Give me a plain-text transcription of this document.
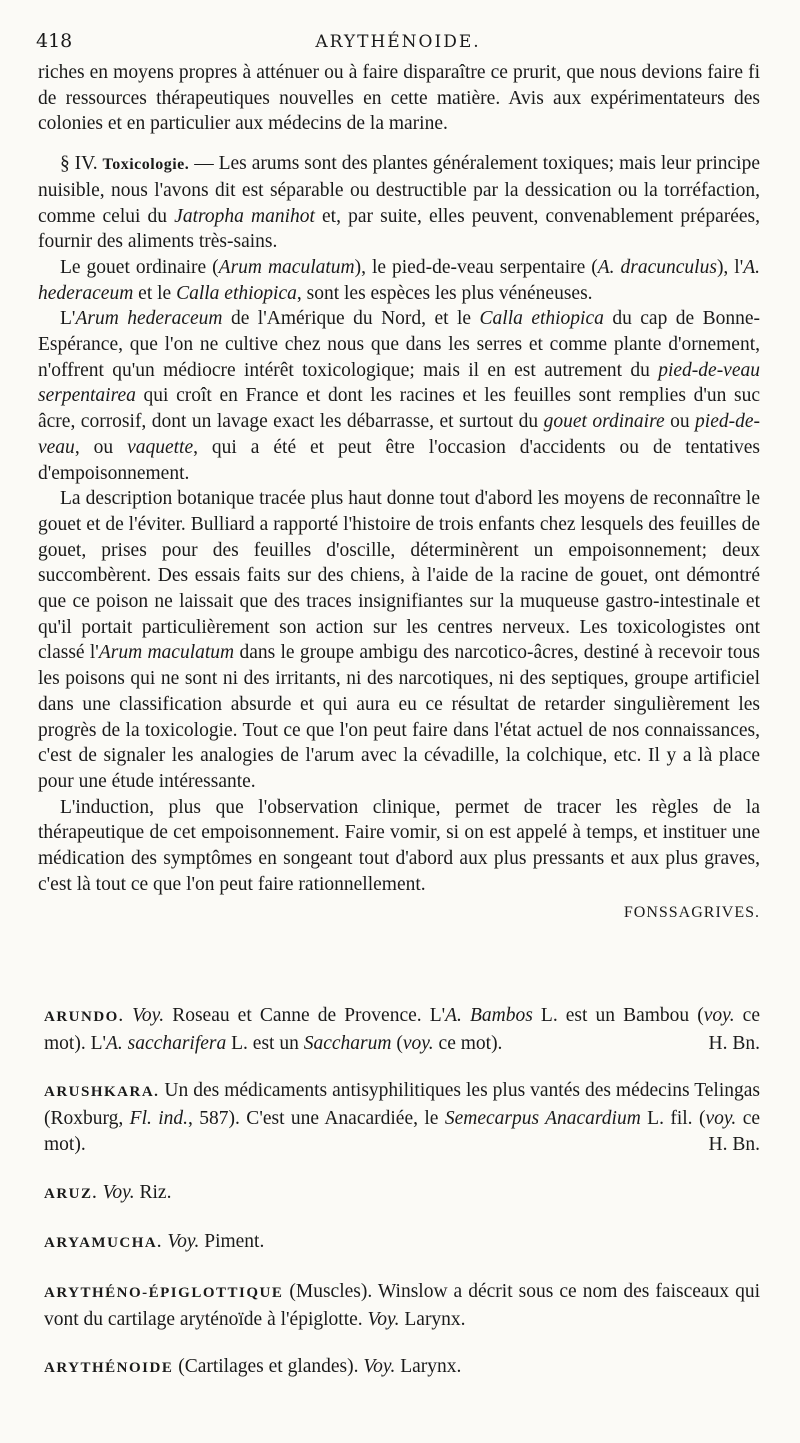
418	ARYTHÉNOIDE.

riches en moyens propres à atténuer ou à faire disparaître ce prurit, que nous devions faire fi de ressources thérapeutiques nouvelles en cette matière. Avis aux expérimentateurs des colonies et en particulier aux médecins de la marine.

§ IV. Toxicologie. — Les arums sont des plantes généralement toxiques; mais leur principe nuisible, nous l'avons dit est séparable ou destructible par la dessication ou la torréfaction, comme celui du Jatropha manihot et, par suite, elles peuvent, convenablement préparées, fournir des aliments très-sains.

Le gouet ordinaire (Arum maculatum), le pied-de-veau serpentaire (A. dracunculus), l'A. hederaceum et le Calla ethiopica, sont les espèces les plus vénéneuses.

L'Arum hederaceum de l'Amérique du Nord, et le Calla ethiopica du cap de Bonne-Espérance, que l'on ne cultive chez nous que dans les serres et comme plante d'ornement, n'offrent qu'un médiocre intérêt toxicologique; mais il en est autrement du pied-de-veau serpentairea qui croît en France et dont les racines et les feuilles sont remplies d'un suc âcre, corrosif, dont un lavage exact les débarrasse, et surtout du gouet ordinaire ou pied-de-veau, ou vaquette, qui a été et peut être l'occasion d'accidents ou de tentatives d'empoisonnement.

La description botanique tracée plus haut donne tout d'abord les moyens de reconnaître le gouet et de l'éviter. Bulliard a rapporté l'histoire de trois enfants chez lesquels des feuilles de gouet, prises pour des feuilles d'oscille, déterminèrent un empoisonnement; deux succombèrent. Des essais faits sur des chiens, à l'aide de la racine de gouet, ont démontré que ce poison ne laissait que des traces insignifiantes sur la muqueuse gastro-intestinale et qu'il portait particulièrement son action sur les centres nerveux. Les toxicologistes ont classé l'Arum maculatum dans le groupe ambigu des narcotico-âcres, destiné à recevoir tous les poisons qui ne sont ni des irritants, ni des narcotiques, ni des septiques, groupe artificiel dans une classification absurde et qui aura eu ce résultat de retarder singulièrement les progrès de la toxicologie. Tout ce que l'on peut faire dans l'état actuel de nos connaissances, c'est de signaler les analogies de l'arum avec la cévadille, la colchique, etc. Il y a là place pour une étude intéressante.

L'induction, plus que l'observation clinique, permet de tracer les règles de la thérapeutique de cet empoisonnement. Faire vomir, si on est appelé à temps, et instituer une médication des symptômes en songeant tout d'abord aux plus pressants et aux plus graves, c'est là tout ce que l'on peut faire rationnellement.

FONSSAGRIVES.

ARUNDO. Voy. Roseau et Canne de Provence. L'A. Bambos L. est un Bambou (voy. ce mot). L'A. saccharifera L. est un Saccharum (voy. ce mot).	H. Bn.

ARUSHKARA. Un des médicaments antisyphilitiques les plus vantés des médecins Telingas (Roxburg, Fl. ind., 587). C'est une Anacardiée, le Semecarpus Anacardium L. fil. (voy. ce mot).	H. Bn.

ARUZ. Voy. Riz.

ARYAMUCHA. Voy. Piment.

ARYTHÉNO-ÉPIGLOTTIQUE (Muscles). Winslow a décrit sous ce nom des faisceaux qui vont du cartilage aryténoïde à l'épiglotte. Voy. Larynx.

ARYTHÉNOIDE (Cartilages et glandes). Voy. Larynx.
